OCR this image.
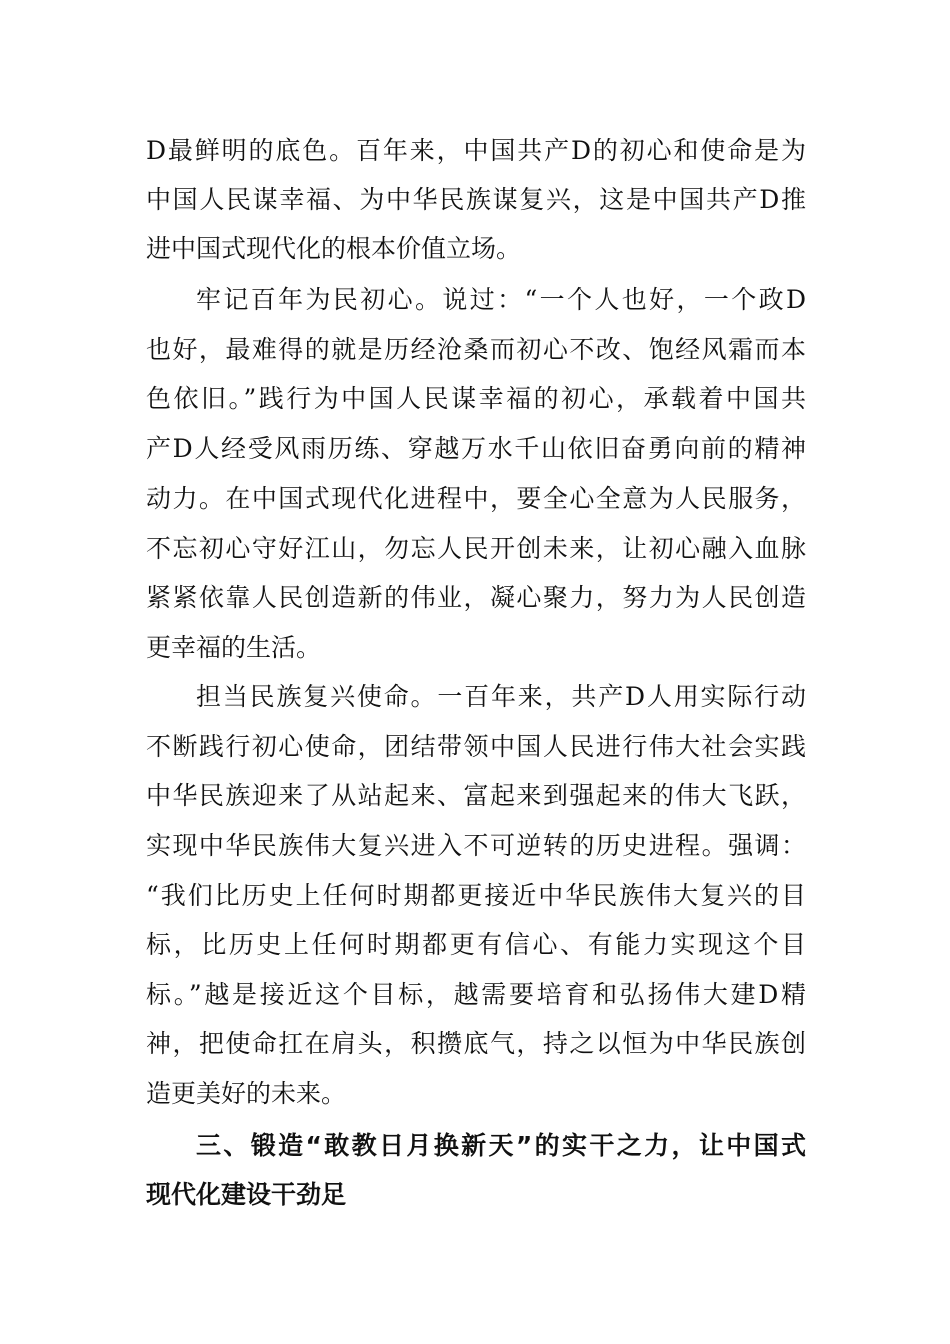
D最鲜明的底色。百年来，中国共产D的初心和使命是为
中国人民谋幸福、为中华民族谋复兴，这是中国共产D推
进中国式现代化的根本价值立场。
牢记百年为民初心。说过：“一个人也好，一个政D
也好，最难得的就是历经沧桑而初心不改、饱经风霜而本
色依旧。”践行为中国人民谋幸福的初心，承载着中国共
产D人经受风雨历练、穿越万水千山依旧奋勇向前的精神
动力。在中国式现代化进程中，要全心全意为人民服务，
不忘初心守好江山，勿忘人民开创未来，让初心融入血脉
紧紧依靠人民创造新的伟业，凝心聚力，努力为人民创造
更幸福的生活。
担当民族复兴使命。一百年来，共产D人用实际行动
不断践行初心使命，团结带领中国人民进行伟大社会实践
中华民族迎来了从站起来、富起来到强起来的伟大飞跃，
实现中华民族伟大复兴进入不可逆转的历史进程。强调：
“我们比历史上任何时期都更接近中华民族伟大复兴的目
标，比历史上任何时期都更有信心、有能力实现这个目
标。”越是接近这个目标，越需要培育和弘扬伟大建D精
神，把使命扛在肩头，积攒底气，持之以恒为中华民族创
造更美好的未来。
三、锻造“敢教日月换新天”的实干之力，让中国式
现代化建设干劲足
